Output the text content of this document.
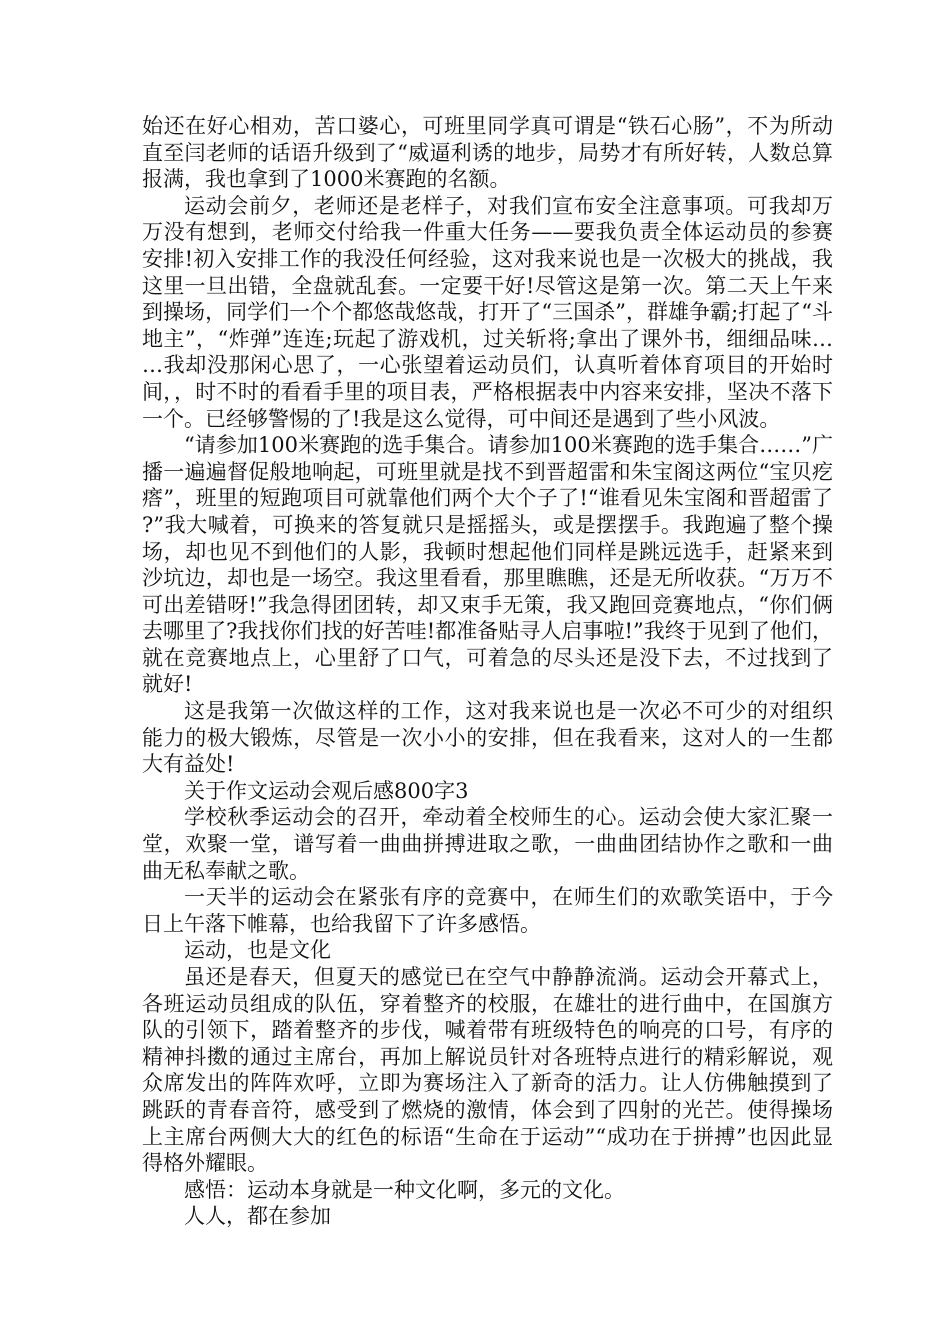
始还在好心相劝，苦口婆心，可班里同学真可谓是“铁石心肠”，不为所动直至闫老师的话语升级到了“威逼利诱的地步，局势才有所好转，人数总算报满，我也拿到了1000米赛跑的名额。

运动会前夕，老师还是老样子，对我们宣布安全注意事项。可我却万万没有想到，老师交付给我一件重大任务——要我负责全体运动员的参赛安排!初入安排工作的我没任何经验，这对我来说也是一次极大的挑战，我这里一旦出错，全盘就乱套。一定要干好!尽管这是第一次。第二天上午来到操场，同学们一个个都悠哉悠哉，打开了“三国杀”，群雄争霸;打起了“斗地主”，“炸弹”连连;玩起了游戏机，过关斩将;拿出了课外书，细细品味……我却没那闲心思了，一心张望着运动员们，认真听着体育项目的开始时间，，时不时的看看手里的项目表，严格根据表中内容来安排，坚决不落下一个。已经够警惕的了!我是这么觉得，可中间还是遇到了些小风波。

“请参加100米赛跑的选手集合。请参加100米赛跑的选手集合……”广播一遍遍督促般地响起，可班里就是找不到晋超雷和朱宝阁这两位“宝贝疙瘩”，班里的短跑项目可就靠他们两个大个子了!“谁看见朱宝阁和晋超雷了?”我大喊着，可换来的答复就只是摇摇头，或是摆摆手。我跑遍了整个操场，却也见不到他们的人影，我顿时想起他们同样是跳远选手，赶紧来到沙坑边，却也是一场空。我这里看看，那里瞧瞧，还是无所收获。“万万不可出差错呀!”我急得团团转，却又束手无策，我又跑回竞赛地点，“你们俩去哪里了?我找你们找的好苦哇!都准备贴寻人启事啦!”我终于见到了他们，就在竞赛地点上，心里舒了口气，可着急的尽头还是没下去，不过找到了就好!

这是我第一次做这样的工作，这对我来说也是一次必不可少的对组织能力的极大锻炼，尽管是一次小小的安排，但在我看来，这对人的一生都大有益处!

关于作文运动会观后感800字3

学校秋季运动会的召开，牵动着全校师生的心。运动会使大家汇聚一堂，欢聚一堂，谱写着一曲曲拼搏进取之歌，一曲曲团结协作之歌和一曲曲无私奉献之歌。

一天半的运动会在紧张有序的竞赛中，在师生们的欢歌笑语中，于今日上午落下帷幕，也给我留下了许多感悟。

运动，也是文化

虽还是春天，但夏天的感觉已在空气中静静流淌。运动会开幕式上，各班运动员组成的队伍，穿着整齐的校服，在雄壮的进行曲中，在国旗方队的引领下，踏着整齐的步伐，喊着带有班级特色的响亮的口号，有序的精神抖擞的通过主席台，再加上解说员针对各班特点进行的精彩解说，观众席发出的阵阵欢呼，立即为赛场注入了新奇的活力。让人仿佛触摸到了跳跃的青春音符，感受到了燃烧的激情，体会到了四射的光芒。使得操场上主席台两侧大大的红色的标语“生命在于运动”“成功在于拼搏”也因此显得格外耀眼。

感悟：运动本身就是一种文化啊，多元的文化。

人人，都在参加
